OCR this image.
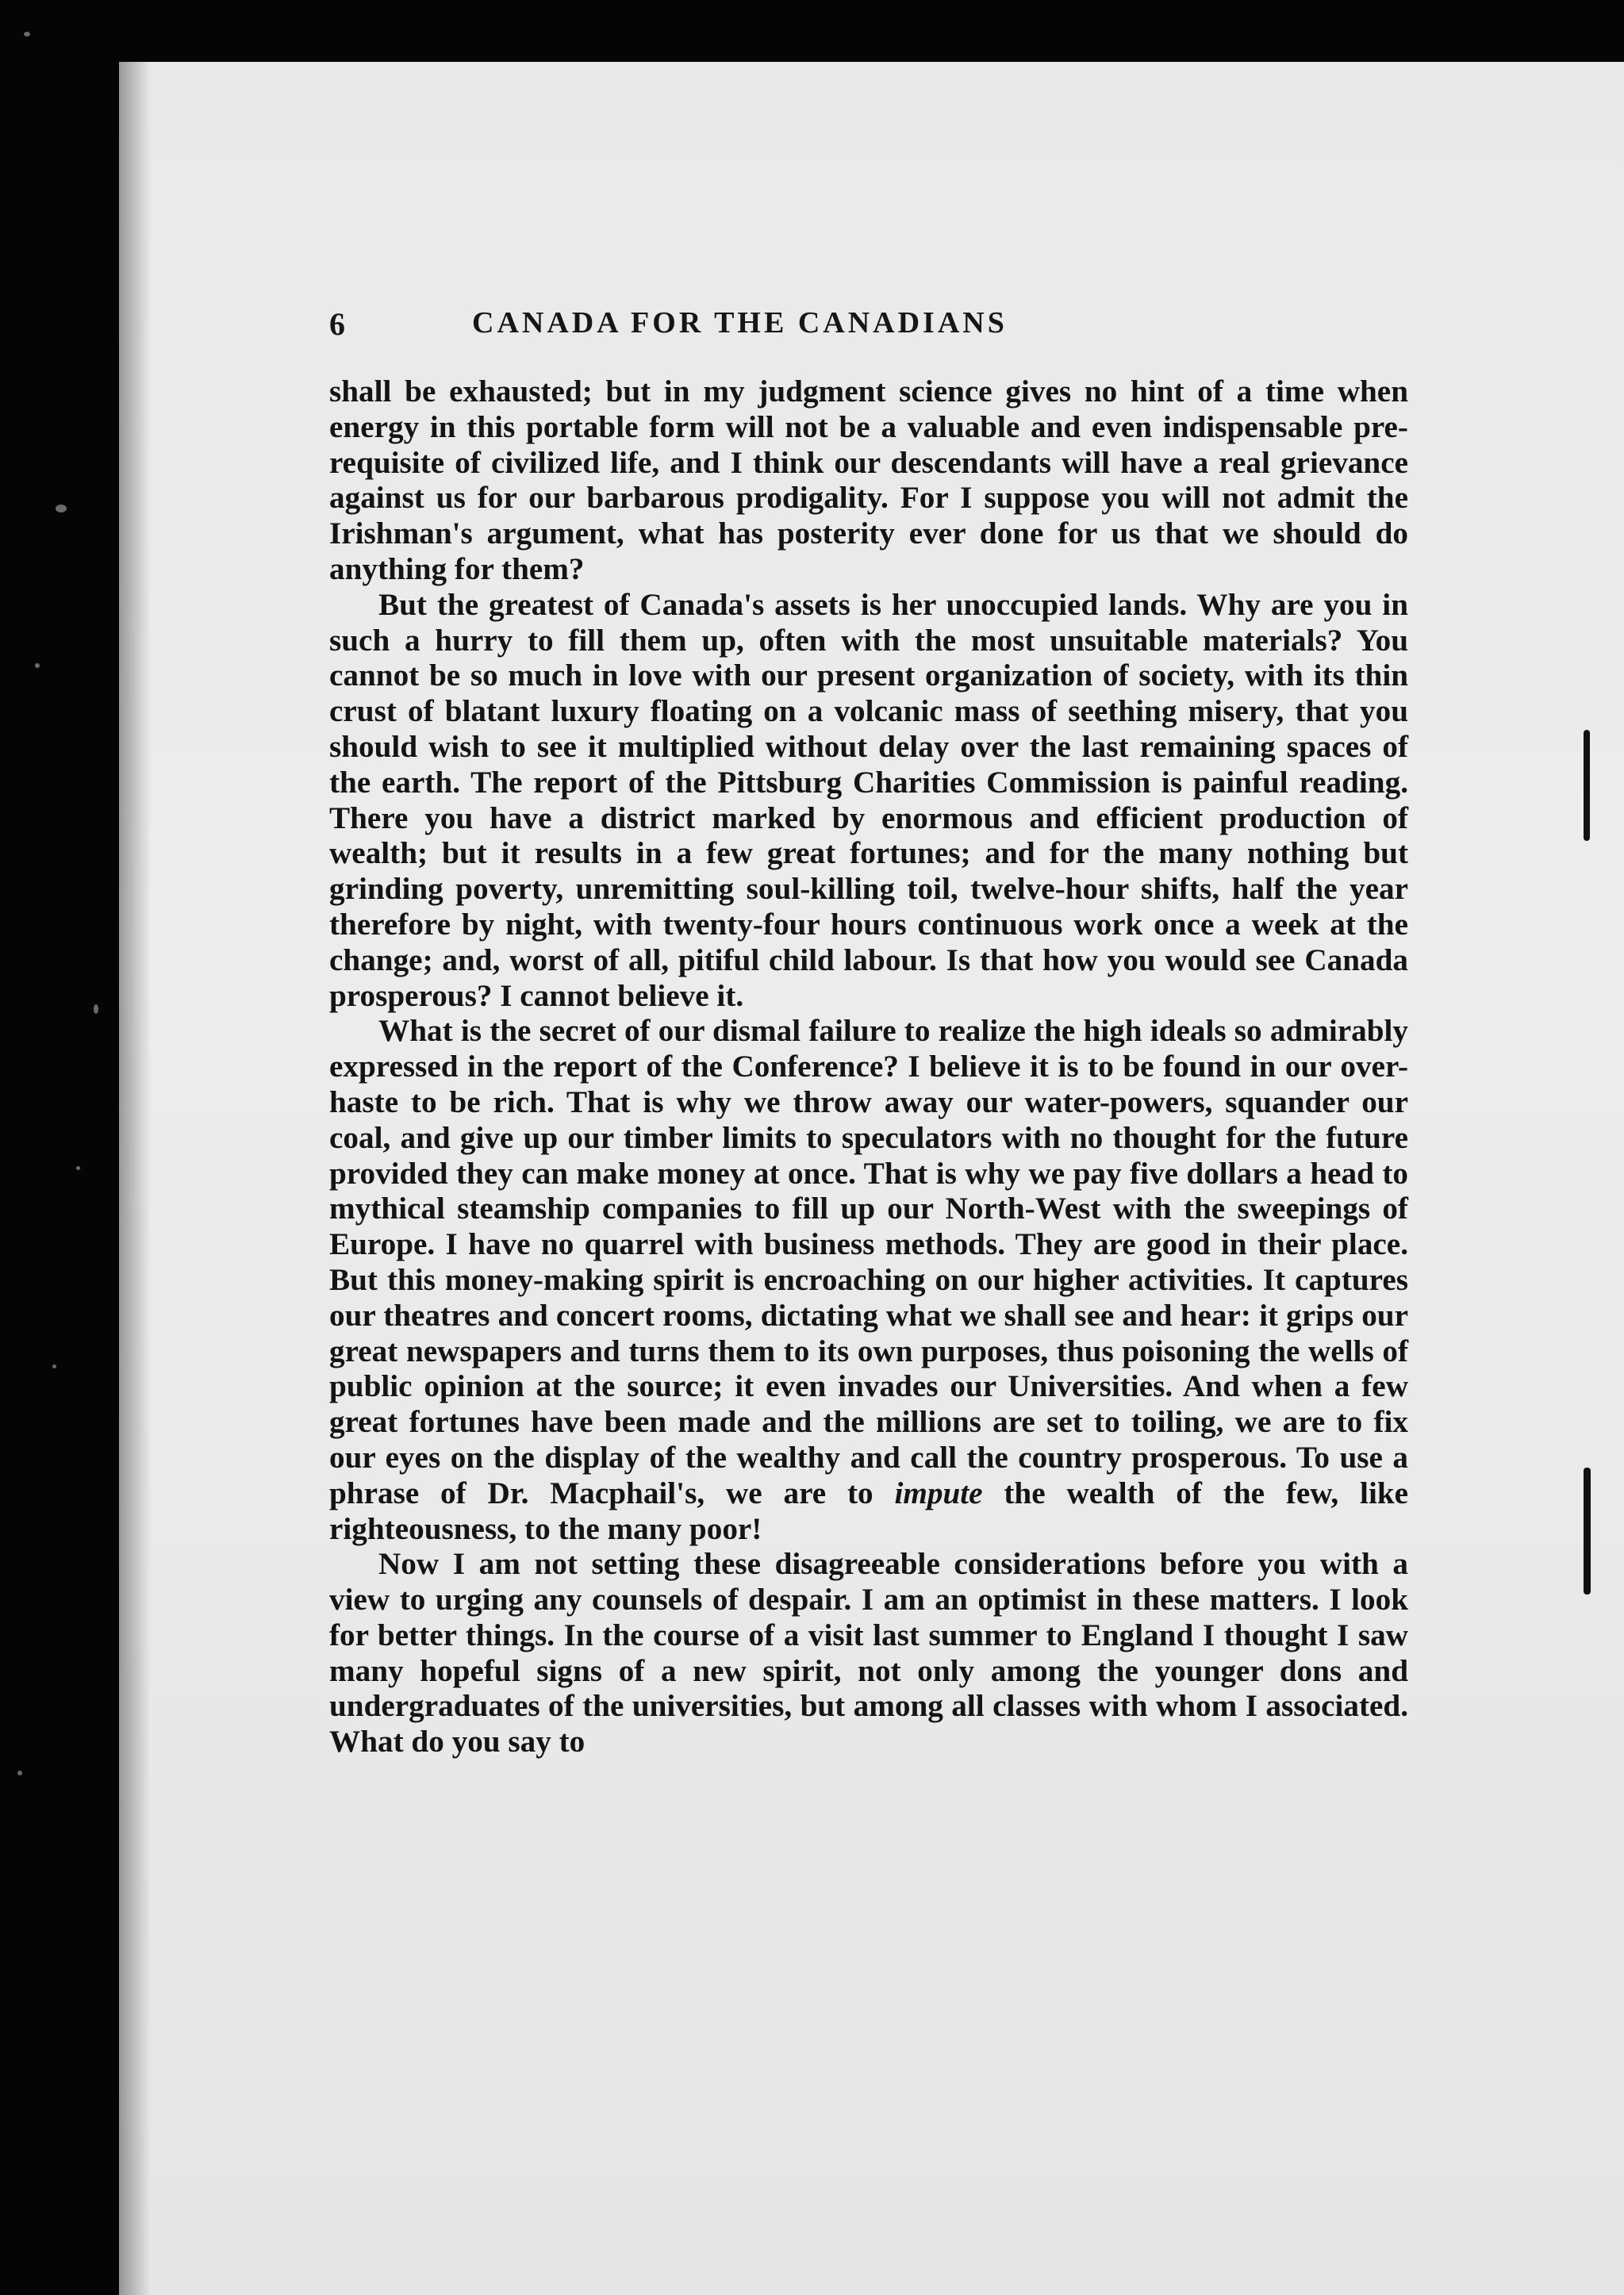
6	CANADA FOR THE CANADIANS

shall be exhausted; but in my judgment science gives no hint of a time when energy in this portable form will not be a valuable and even indispensable pre-requisite of civilized life, and I think our descendants will have a real grievance against us for our barbarous prodigality. For I suppose you will not admit the Irishman's argument, what has posterity ever done for us that we should do anything for them?

But the greatest of Canada's assets is her unoccupied lands. Why are you in such a hurry to fill them up, often with the most unsuitable materials? You cannot be so much in love with our present organization of society, with its thin crust of blatant luxury floating on a volcanic mass of seething misery, that you should wish to see it multiplied without delay over the last remaining spaces of the earth. The report of the Pittsburg Charities Commission is painful reading. There you have a district marked by enormous and efficient production of wealth; but it results in a few great fortunes; and for the many nothing but grinding poverty, unremitting soul-killing toil, twelve-hour shifts, half the year therefore by night, with twenty-four hours continuous work once a week at the change; and, worst of all, pitiful child labour. Is that how you would see Canada prosperous? I cannot believe it.

What is the secret of our dismal failure to realize the high ideals so admirably expressed in the report of the Conference? I believe it is to be found in our over-haste to be rich. That is why we throw away our water-powers, squander our coal, and give up our timber limits to speculators with no thought for the future provided they can make money at once. That is why we pay five dollars a head to mythical steamship companies to fill up our North-West with the sweepings of Europe. I have no quarrel with business methods. They are good in their place. But this money-making spirit is encroaching on our higher activities. It captures our theatres and concert rooms, dictating what we shall see and hear: it grips our great newspapers and turns them to its own purposes, thus poisoning the wells of public opinion at the source; it even invades our Universities. And when a few great fortunes have been made and the millions are set to toiling, we are to fix our eyes on the display of the wealthy and call the country prosperous. To use a phrase of Dr. Macphail's, we are to impute the wealth of the few, like righteousness, to the many poor!

Now I am not setting these disagreeable considerations before you with a view to urging any counsels of despair. I am an optimist in these matters. I look for better things. In the course of a visit last summer to England I thought I saw many hopeful signs of a new spirit, not only among the younger dons and undergraduates of the universities, but among all classes with whom I associated. What do you say to
